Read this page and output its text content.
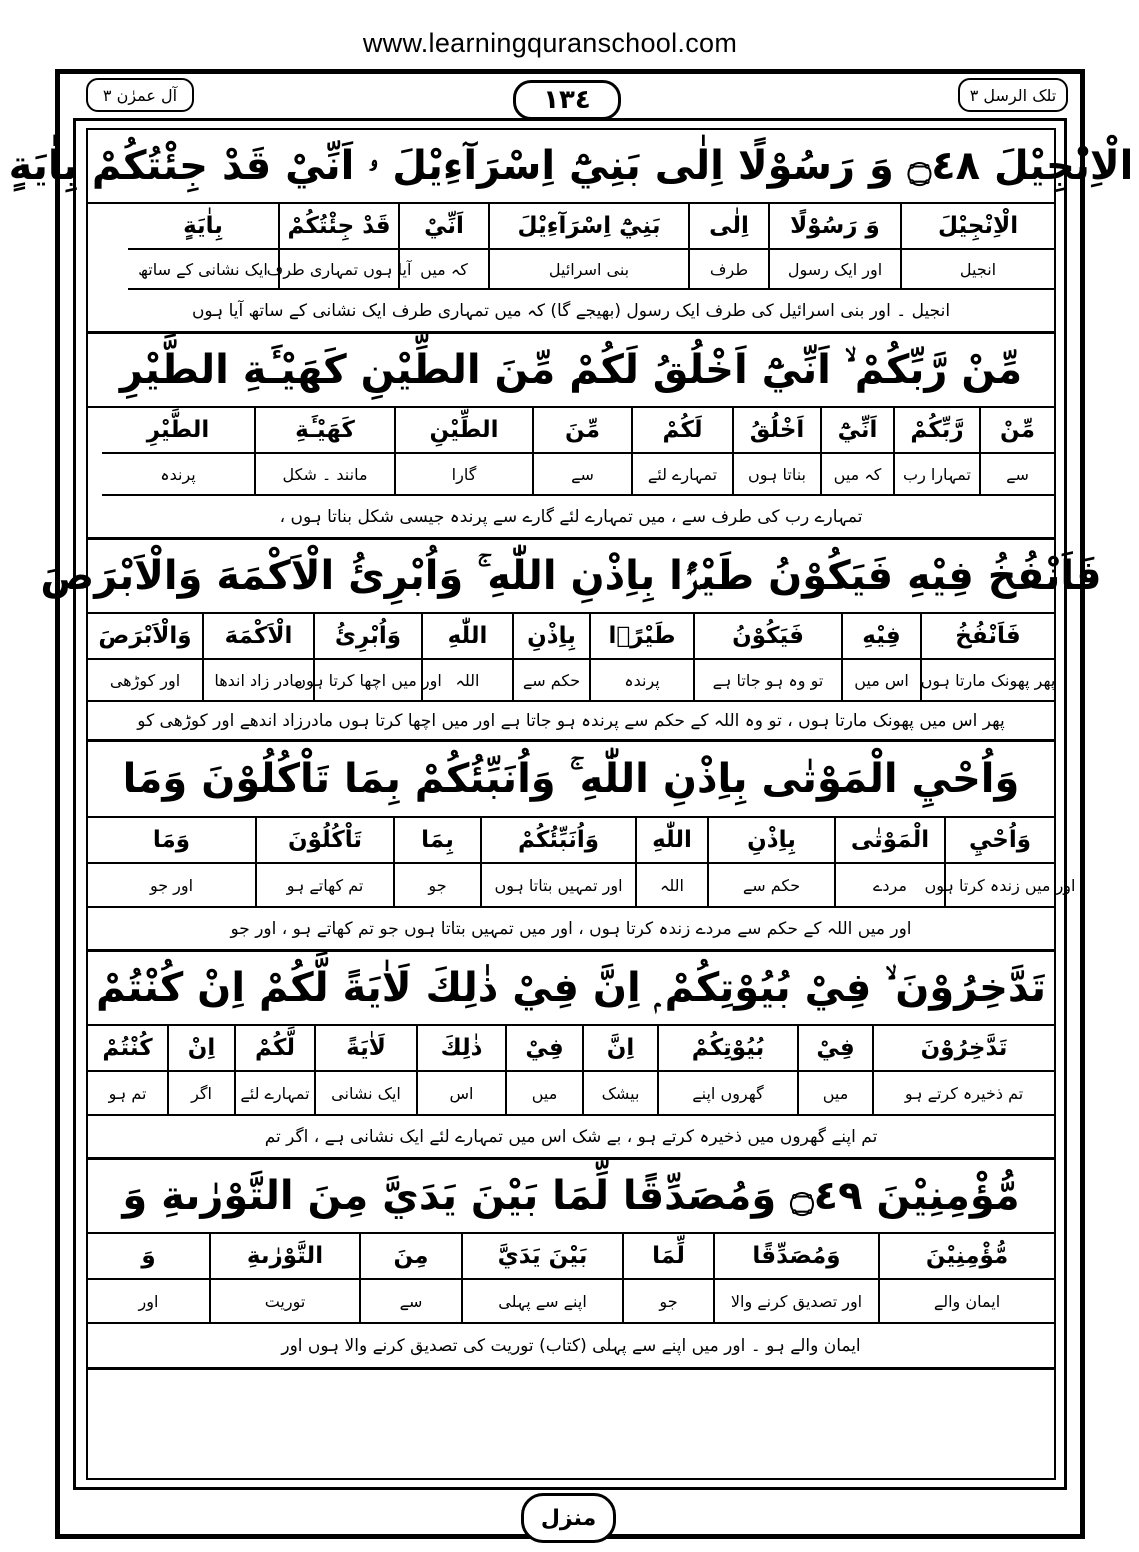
www.learningquranschool.com
تلک الرسل ٣
١٣٤
آل عمرٰن ٣
الْاِنْجِيْلَ ۝٤٨ وَ رَسُوْلًا اِلٰى بَنِيْٓ اِسْرَآءِيْلَ ۥ اَنِّيْ قَدْ جِئْتُكُمْ بِاٰيَةٍ
الْاِنْجِيْلَ
وَ رَسُوْلًا
اِلٰى
بَنِيْٓ اِسْرَآءِيْلَ
اَنِّيْ
قَدْ جِئْتُكُمْ
بِاٰيَةٍ
انجیل
اور ایک رسول
طرف
بنی اسرائیل
کہ میں
آیا ہوں تمہاری طرف
ایک نشانی کے ساتھ
انجیل ۔ اور بنی اسرائیل کی طرف ایک رسول (بھیجے گا) کہ میں تمہاری طرف ایک نشانی کے ساتھ آیا ہوں
مِّنْ رَّبِّكُمْ ۙ اَنِّيْٓ اَخْلُقُ لَكُمْ مِّنَ الطِّيْنِ كَهَيْـَٔةِ الطَّيْرِ
مِّنْ
رَّبِّكُمْ
اَنِّيْٓ
اَخْلُقُ
لَكُمْ
مِّنَ
الطِّيْنِ
كَهَيْـَٔةِ
الطَّيْرِ
سے
تمہارا رب
کہ میں
بناتا ہوں
تمہارے لئے
سے
گارا
مانند ۔ شکل
پرندہ
تمہارے رب کی طرف سے ، میں تمہارے لئے گارے سے پرندہ جیسی شکل بناتا ہوں ،
فَاَنْفُخُ فِيْهِ فَيَكُوْنُ طَيْرًۢا بِاِذْنِ اللّٰهِ ۚ وَاُبْرِئُ الْاَكْمَهَ وَالْاَبْرَصَ
فَاَنْفُخُ
فِيْهِ
فَيَكُوْنُ
طَيْرًۢا
بِاِذْنِ
اللّٰهِ
وَاُبْرِئُ
الْاَكْمَهَ
وَالْاَبْرَصَ
پھر پھونک مارتا ہوں
اس میں
تو وہ ہو جاتا ہے
پرندہ
حکم سے
اللہ
اور میں اچھا کرتا ہوں
مادر زاد اندھا
اور کوڑھی
پھر اس میں پھونک مارتا ہوں ، تو وہ اللہ کے حکم سے پرندہ ہو جاتا ہے اور میں اچھا کرتا ہوں مادرزاد اندھے اور کوڑھی کو
وَاُحْيِ الْمَوْتٰى بِاِذْنِ اللّٰهِ ۚ وَاُنَبِّئُكُمْ بِمَا تَاْكُلُوْنَ وَمَا
وَاُحْيِ
الْمَوْتٰى
بِاِذْنِ
اللّٰهِ
وَاُنَبِّئُكُمْ
بِمَا
تَاْكُلُوْنَ
وَمَا
اور میں زندہ کرتا ہوں
مردے
حکم سے
اللہ
اور تمہیں بتاتا ہوں
جو
تم کھاتے ہو
اور جو
اور میں اللہ کے حکم سے مردے زندہ کرتا ہوں ، اور میں تمہیں بتاتا ہوں جو تم کھاتے ہو ، اور جو
تَدَّخِرُوْنَ ۙ فِيْ بُيُوْتِكُمْ ۭ اِنَّ فِيْ ذٰلِكَ لَاٰيَةً لَّكُمْ اِنْ كُنْتُمْ
تَدَّخِرُوْنَ
فِيْ
بُيُوْتِكُمْ
اِنَّ
فِيْ
ذٰلِكَ
لَاٰيَةً
لَّكُمْ
اِنْ
كُنْتُمْ
تم ذخیرہ کرتے ہو
میں
گھروں اپنے
بیشک
میں
اس
ایک نشانی
تمہارے لئے
اگر
تم ہو
تم اپنے گھروں میں ذخیرہ کرتے ہو ، بے شک اس میں تمہارے لئے ایک نشانی ہے ، اگر تم
مُّؤْمِنِيْنَ ۝٤٩ وَمُصَدِّقًا لِّمَا بَيْنَ يَدَيَّ مِنَ التَّوْرٰىةِ وَ
مُّؤْمِنِيْنَ
وَمُصَدِّقًا
لِّمَا
بَيْنَ يَدَيَّ
مِنَ
التَّوْرٰىةِ
وَ
ایمان والے
اور تصدیق کرنے والا
جو
اپنے سے پہلی
سے
توریت
اور
ایمان والے ہو ۔ اور میں اپنے سے پہلی (کتاب) توریت کی تصدیق کرنے والا ہوں اور
منزل
